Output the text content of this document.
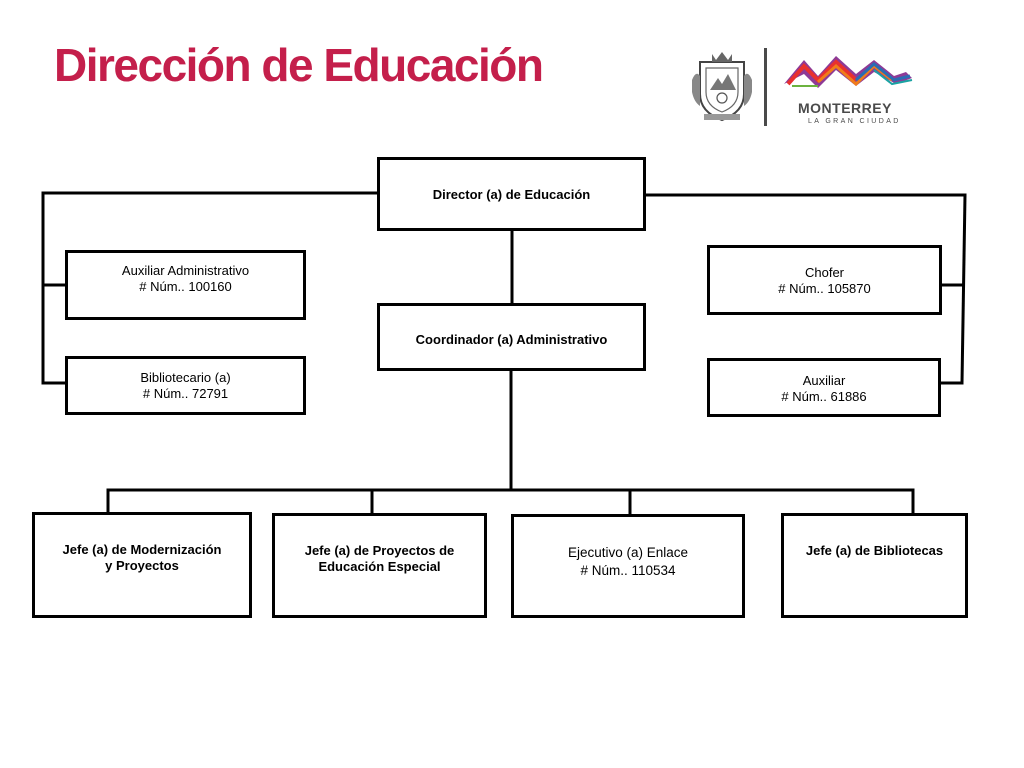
Dirección de Educación
MONTERREY
LA GRAN CIUDAD
Director (a) de Educación
Auxiliar Administrativo
# Núm.. 100160
Bibliotecario (a)
# Núm.. 72791
Chofer
# Núm.. 105870
Auxiliar
# Núm.. 61886
Coordinador (a) Administrativo
Jefe (a) de Modernización
y Proyectos
Jefe (a) de Proyectos de
Educación Especial
Ejecutivo (a) Enlace
# Núm.. 110534
Jefe (a) de Bibliotecas
